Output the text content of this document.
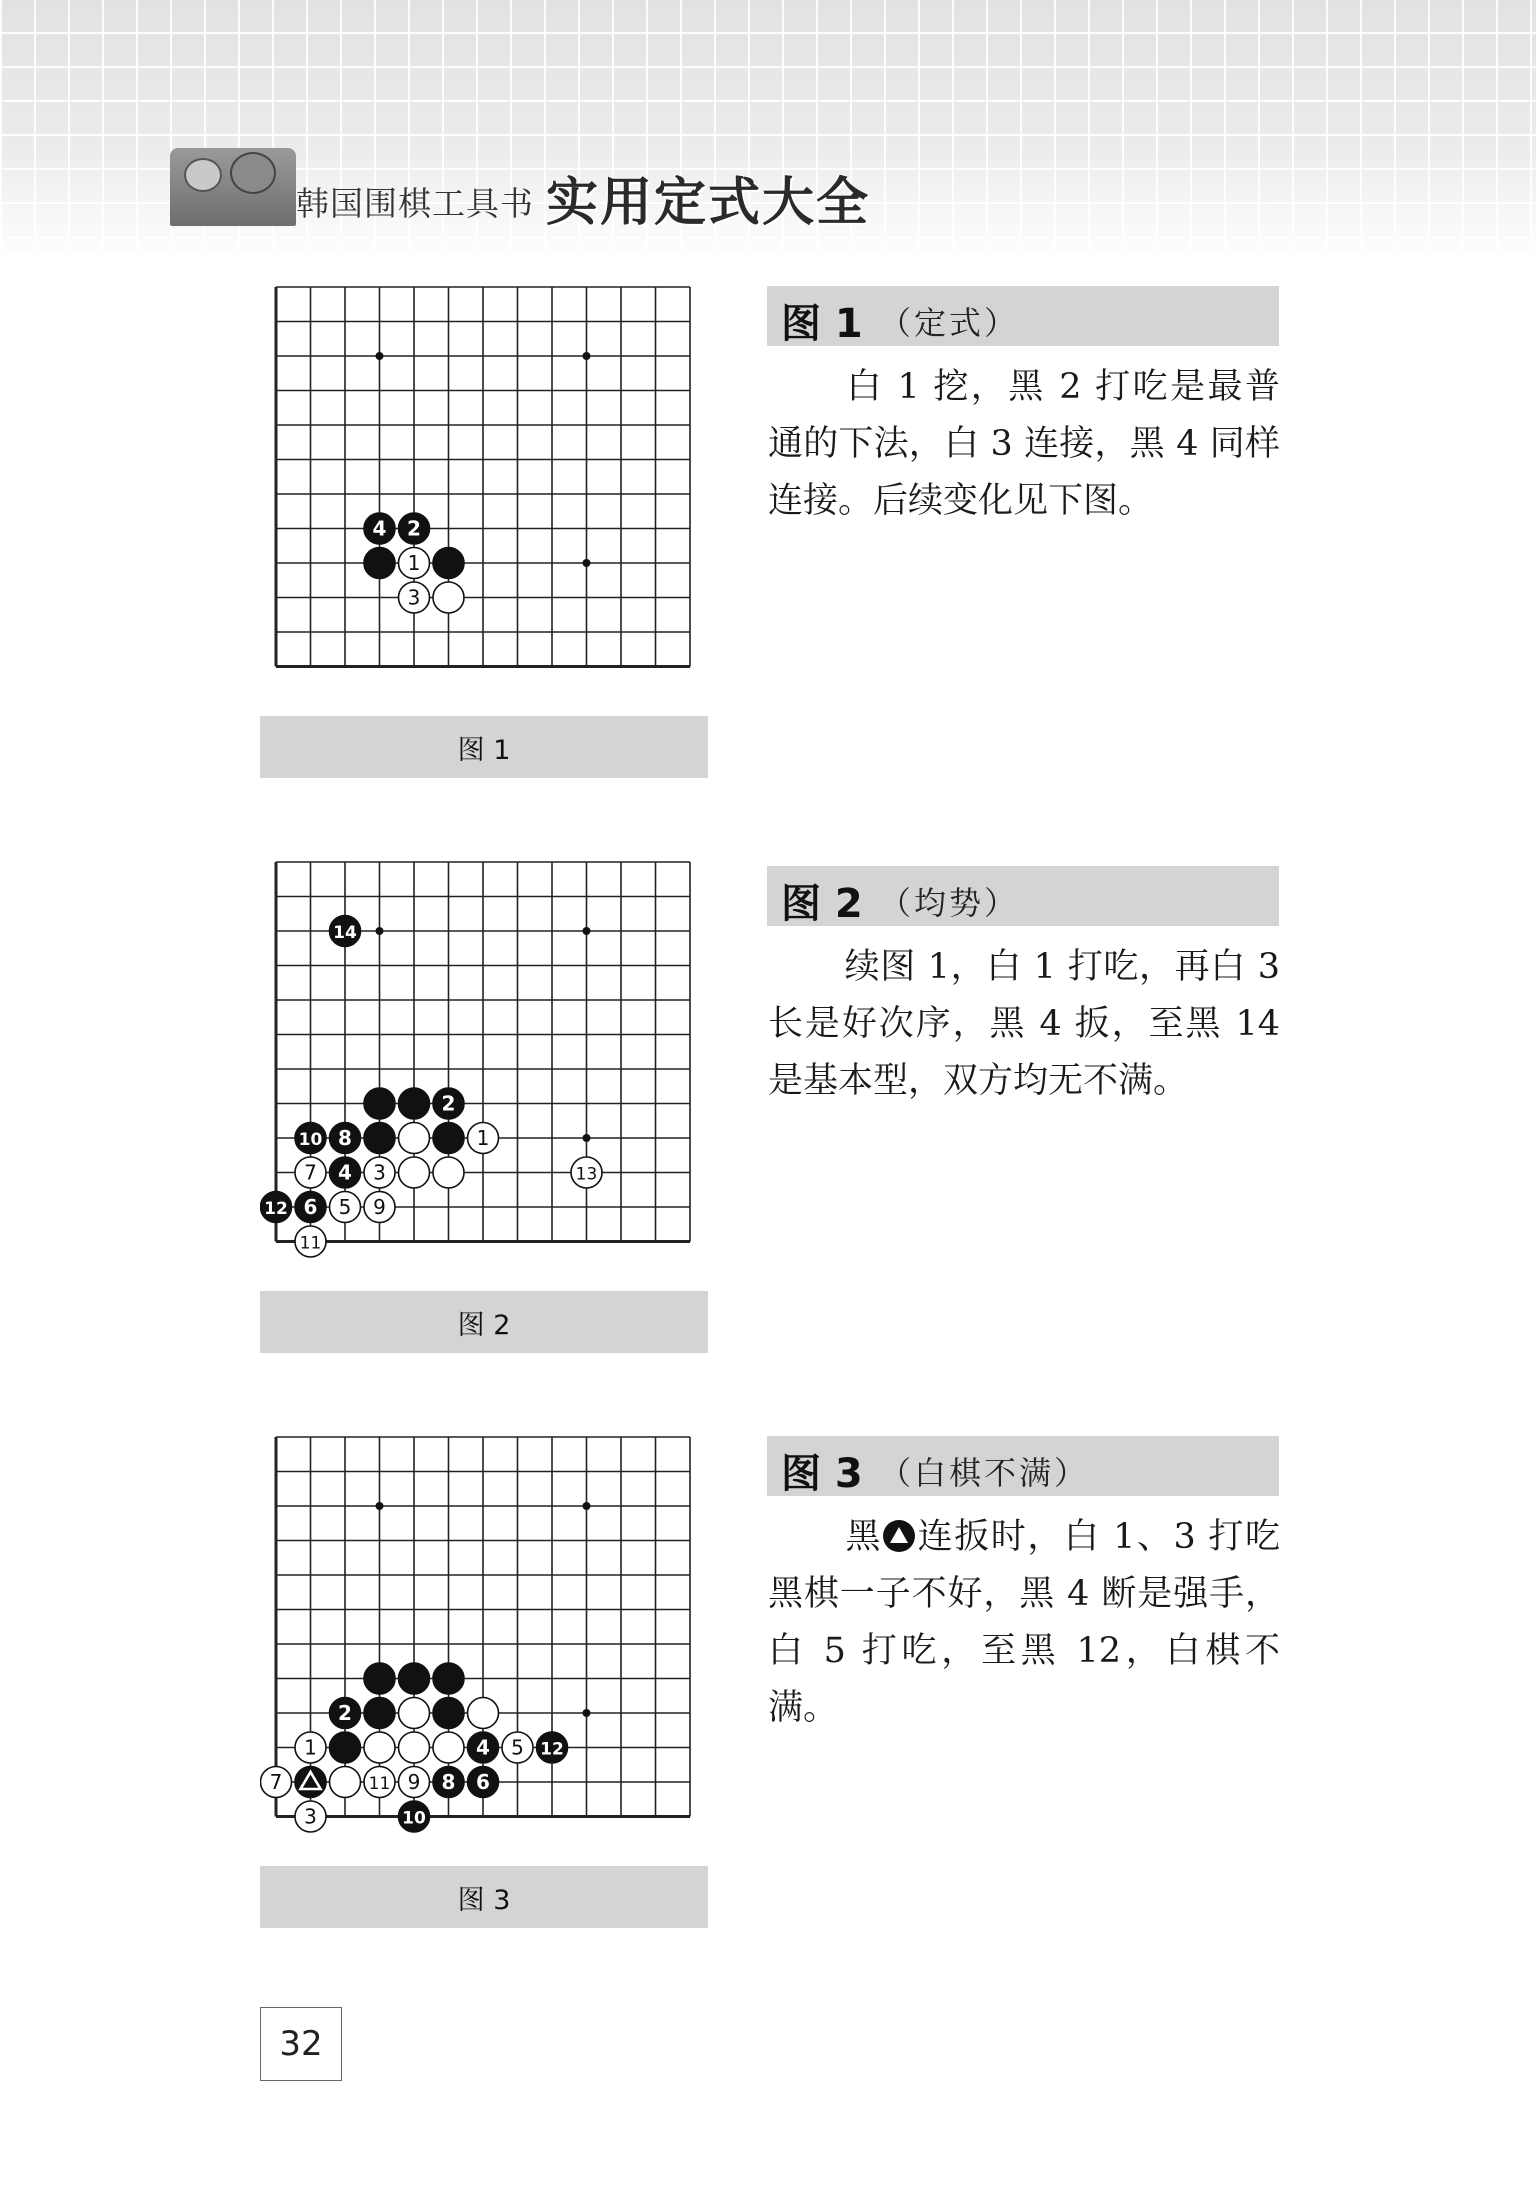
韩国围棋工具书 实用定式大全
4 2
1
3
图 1
图 1 （定式）
白 1 挖，黑 2 打吃是最普通的下法，白 3 连接，黑 4 同样连接。后续变化见下图。
14
2
10 8	1
7 4 3	13
12 6 5 9
11
图 2
图 2 （均势）
续图 1，白 1 打吃，再白 3 长是好次序，黑 4 扳，至黑 14 是基本型，双方均无不满。
2
1	4 5 12
7	11 9 8 6
3	10
图 3
图 3 （白棋不满）
黑 连扳时，白 1、3 打吃黑棋一子不好，黑 4 断是强手，白 5 打吃，至黑 12，白棋不满。
32
